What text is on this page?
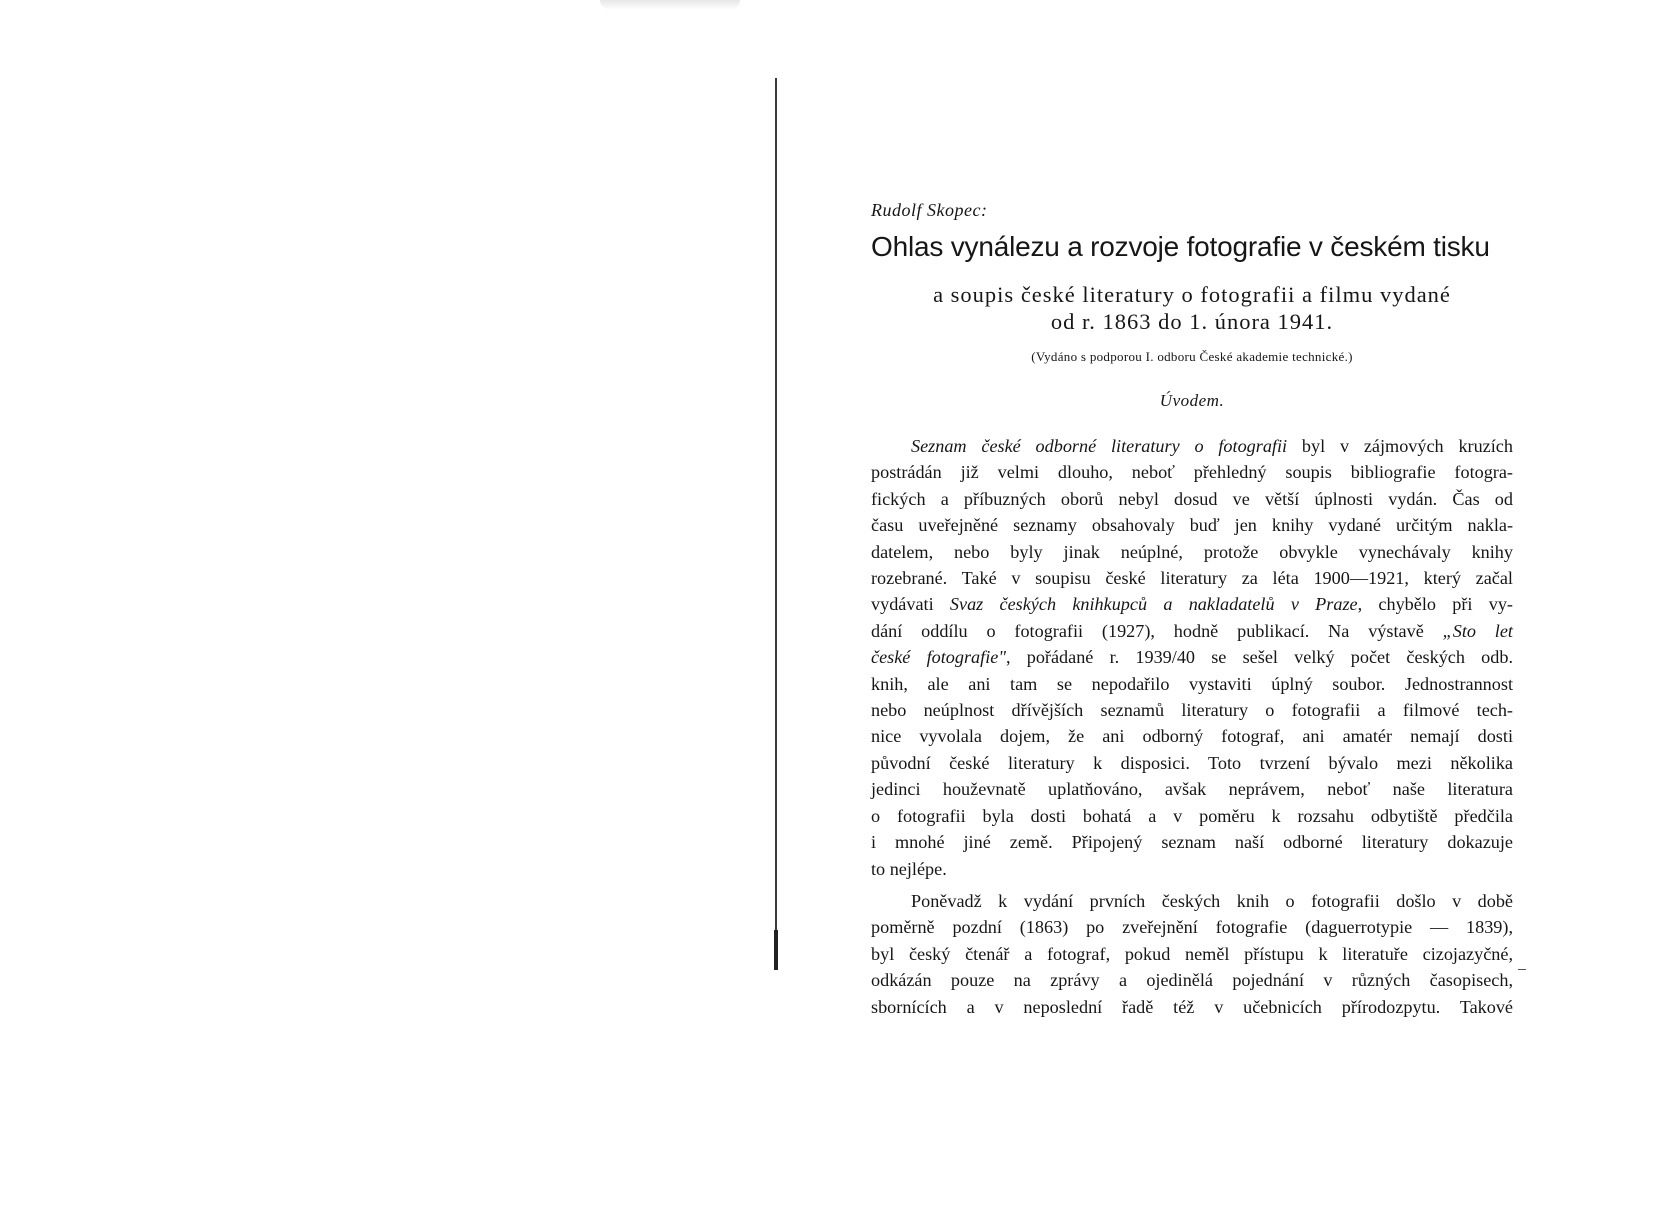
Rudolf Skopec:
Ohlas vynálezu a rozvoje fotografie v českém tisku
a soupis české literatury o fotografii a filmu vydané
od r. 1863 do 1. února 1941.
(Vydáno s podporou I. odboru České akademie technické.)
Úvodem.
Seznam české odborné literatury o fotografii byl v zájmových kruzích
postrádán již velmi dlouho, neboť přehledný soupis bibliografie fotogra-
fických a příbuzných oborů nebyl dosud ve větší úplnosti vydán. Čas od
času uveřejněné seznamy obsahovaly buď jen knihy vydané určitým nakla-
datelem, nebo byly jinak neúplné, protože obvykle vynechávaly knihy
rozebrané. Také v soupisu české literatury za léta 1900—1921, který začal
vydávati Svaz českých knihkupců a nakladatelů v Praze, chybělo při vy-
dání oddílu o fotografii (1927), hodně publikací. Na výstavě „Sto let
české fotografie", pořádané r. 1939/40 se sešel velký počet českých odb.
knih, ale ani tam se nepodařilo vystaviti úplný soubor. Jednostrannost
nebo neúplnost dřívějších seznamů literatury o fotografii a filmové tech-
nice vyvolala dojem, že ani odborný fotograf, ani amatér nemají dosti
původní české literatury k disposici. Toto tvrzení bývalo mezi několika
jedinci houževnatě uplatňováno, avšak neprávem, neboť naše literatura
o fotografii byla dosti bohatá a v poměru k rozsahu odbytiště předčila
i mnohé jiné země. Připojený seznam naší odborné literatury dokazuje
to nejlépe.
Poněvadž k vydání prvních českých knih o fotografii došlo v době
poměrně pozdní (1863) po zveřejnění fotografie (daguerrotypie — 1839),
byl český čtenář a fotograf, pokud neměl přístupu k literatuře cizojazyčné,
odkázán pouze na zprávy a ojedinělá pojednání v různých časopisech,
sbornících a v neposlední řadě též v učebnicích přírodozpytu. Takové
